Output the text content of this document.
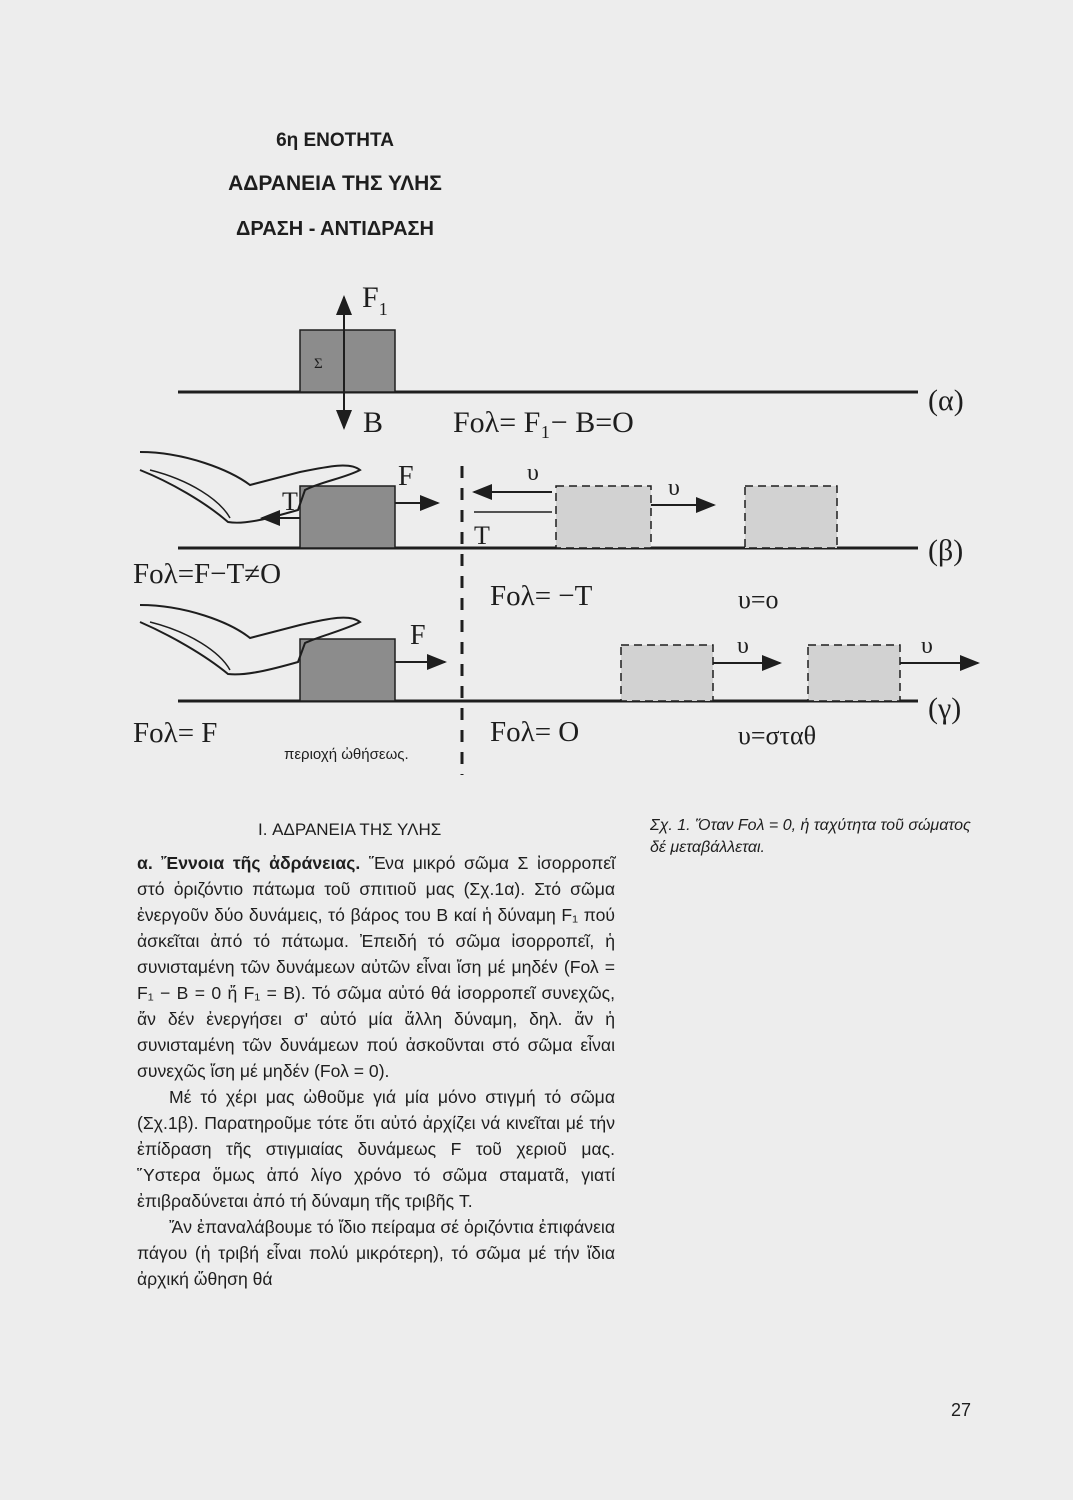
6η ΕΝΟΤΗΤΑ
ΑΔΡΑΝΕΙΑ ΤΗΣ ΥΛΗΣ
ΔΡΑΣΗ - ΑΝΤΙΔΡΑΣΗ
Σ
$F_1$
B Fολ= F₁− B=O
(α)
F
T
υ
T
υ
Fολ=F−T≠O
Fολ= −T	υ=ο
(β)
F	υ	υ
Fολ= F	Fολ= O	υ=σταθ
(γ)
περιοχή ὠθήσεως.
Σχ. 1. Ὅταν Fολ = 0, ἡ ταχύτητα τοῦ σώματος δέ μεταβάλλεται.
I. ΑΔΡΑΝΕΙΑ ΤΗΣ ΥΛΗΣ

α. Ἔννοια τῆς ἀδράνειας. Ἕνα μικρό σῶμα Σ ἰσορροπεῖ στό ὁριζόντιο πάτωμα τοῦ σπιτιοῦ μας (Σχ.1α). Στό σῶμα ἐνεργοῦν δύο δυνάμεις, τό βάρος του B καί ἡ δύναμη F₁ πού ἀσκεῖται ἀπό τό πάτωμα. Ἐπειδή τό σῶμα ἰσορροπεῖ, ἡ συνισταμένη τῶν δυνάμεων αὐτῶν εἶναι ἴση μέ μηδέν (Fολ = F₁ − B = 0 ἤ F₁ = B). Τό σῶμα αὐτό θά ἰσορροπεῖ συνεχῶς, ἄν δέν ἐνεργήσει σ' αὐτό μία ἄλλη δύναμη, δηλ. ἄν ἡ συνισταμένη τῶν δυνάμεων πού ἀσκοῦνται στό σῶμα εἶναι συνεχῶς ἴση μέ μηδέν (Fολ = 0).

Μέ τό χέρι μας ὠθοῦμε γιά μία μόνο στιγμή τό σῶμα (Σχ.1β). Παρατηροῦμε τότε ὅτι αὐτό ἀρχίζει νά κινεῖται μέ τήν ἐπίδραση τῆς στιγμιαίας δυνάμεως F τοῦ χεριοῦ μας. Ὕστερα ὅμως ἀπό λίγο χρόνο τό σῶμα σταματᾶ, γιατί ἐπιβραδύνεται ἀπό τή δύναμη τῆς τριβῆς T.

Ἄν ἐπαναλάβουμε τό ἴδιο πείραμα σέ ὁριζόντια ἐπιφάνεια πάγου (ἡ τριβή εἶναι πολύ μικρότερη), τό σῶμα μέ τήν ἴδια ἀρχική ὤθηση θά

27
